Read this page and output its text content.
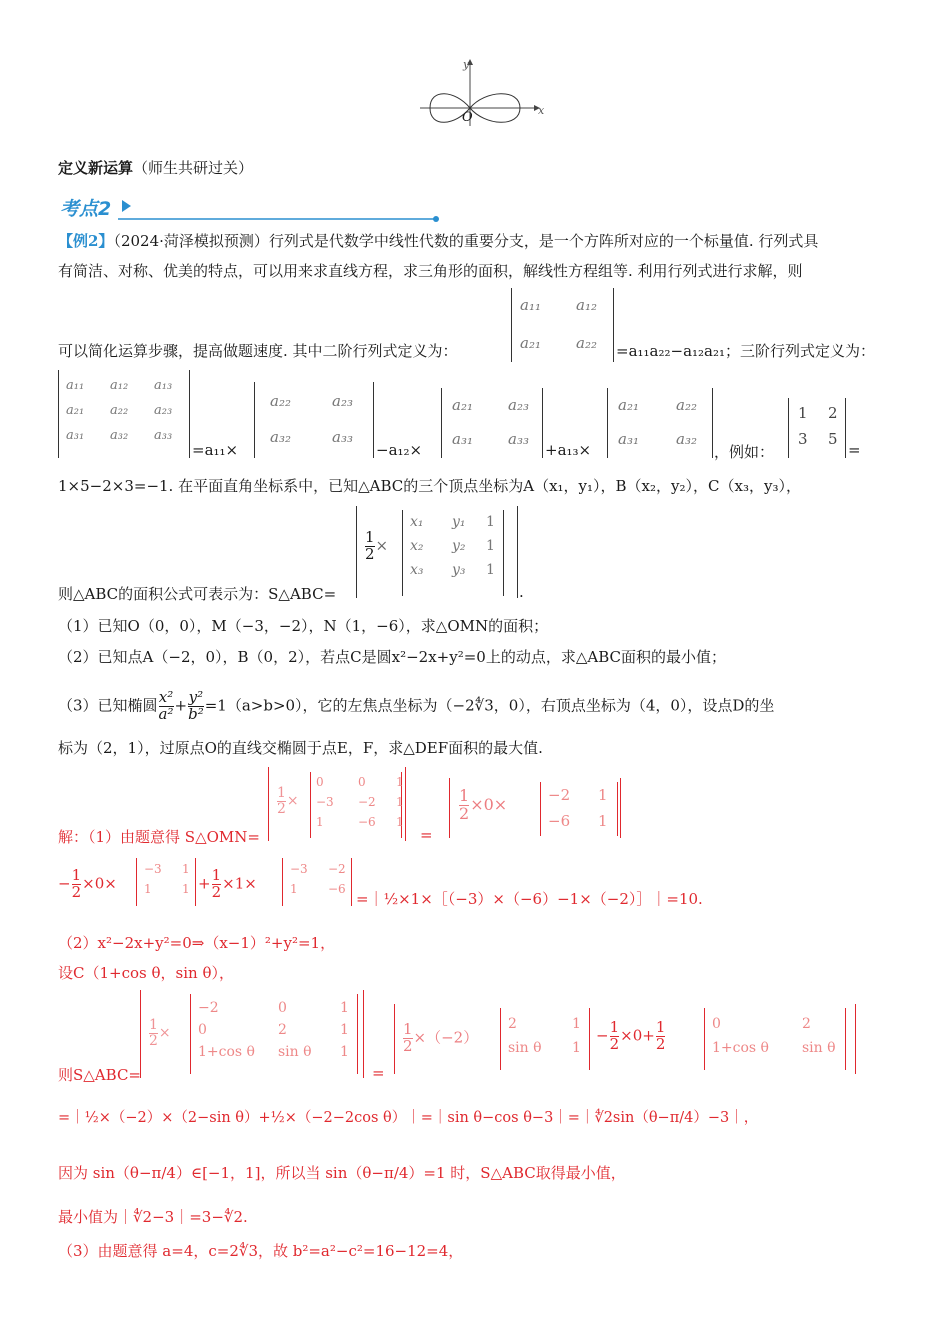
x
y
O
定义新运算（师生共研过关）
考点2
【例2】（2024·菏泽模拟预测）行列式是代数学中线性代数的重要分支，是一个方阵所对应的一个标量值. 行列式具
有简洁、对称、优美的特点，可以用来求直线方程，求三角形的面积，解线性方程组等. 利用行列式进行求解，则
可以简化运算步骤，提高做题速度. 其中二阶行列式定义为：
a₁₁	a₁₂
a₂₁	a₂₂	=a₁₁a₂₂−a₁₂a₂₁；三阶行列式定义为：
a₁₁	a₁₂	a₁₃
a₂₁	a₂₂	a₂₃
a₃₁	a₃₂	a₃₃
=a₁₁×
a₂₂	a₂₃
a₃₂	a₃₃
−a₁₂×
a₂₁	a₂₃
a₃₁	a₃₃
+a₁₃×
a₂₁	a₂₂
a₃₁	a₃₂
，例如：
1	2
3	5
=
1×5−2×3=−1. 在平面直角坐标系中，已知△ABC的三个顶点坐标为A（x₁，y₁），B（x₂，y₂），C（x₃，y₃），
则△ABC的面积公式可表示为：S△ABC=
$\frac{1}{2}$ ×
x₁	y₁	1
x₂	y₂	1
x₃	y₃	1
.
（1）已知O（0，0），M（−3，−2），N（1，−6），求△OMN的面积；
（2）已知点A（−2，0），B（0，2），若点C是圆x²−2x+y²=0上的动点，求△ABC面积的最小值；
（3）已知椭圆 $\frac{\text{x²}}{\text{a²}} + \frac{\text{y²}}{\text{b²}} =1(a>b>0)$，它的左焦点坐标为（−2∜3，0），右顶点坐标为（4，0），设点D的坐
标为（2，1），过原点O的直线交椭圆于点E，F，求△DEF面积的最大值.
解：（1）由题意得 S△OMN=
$\frac{1}{2}$ ×
0	0	1
−3	−2	1
1	−6	1
=
$\frac{1}{2} \times 0\times$	−2	1
−6	1
− $\frac{1}{2} \times 0\times$
−3	1
1	$1 + \frac{1}{2} \times 1\times$
−3	−2
1	−6
=｜½×1×［（−3）×（−6）−1×（−2）］｜=10.
（2）x²−2x+y²=0⇒（x−1）²+y²=1，
设C（1+cos θ，sin θ），
则S△ABC=
$\frac{1}{2}$ ×
−2	0	1
0	2	1
1+cos θ	sin θ	1
=
$\frac{1}{2} \times(-2)$
2	1
sin θ	1
− $\frac{1}{2} \times 0+ \frac{1}{2}$	0	2
1+cos θ	sin θ
=｜½×（−2）×（2−sin θ）+½×（−2−2cos θ）｜=｜sin θ−cos θ−3｜=｜∜2sin（θ−π/4）−3｜，
因为 sin（θ−π/4）∈[−1，1]，所以当 sin（θ−π/4）=1 时，S△ABC取得最小值，
最小值为｜∜2−3｜=3−∜2.
（3）由题意得 a=4，c=2∜3，故 b²=a²−c²=16−12=4，
